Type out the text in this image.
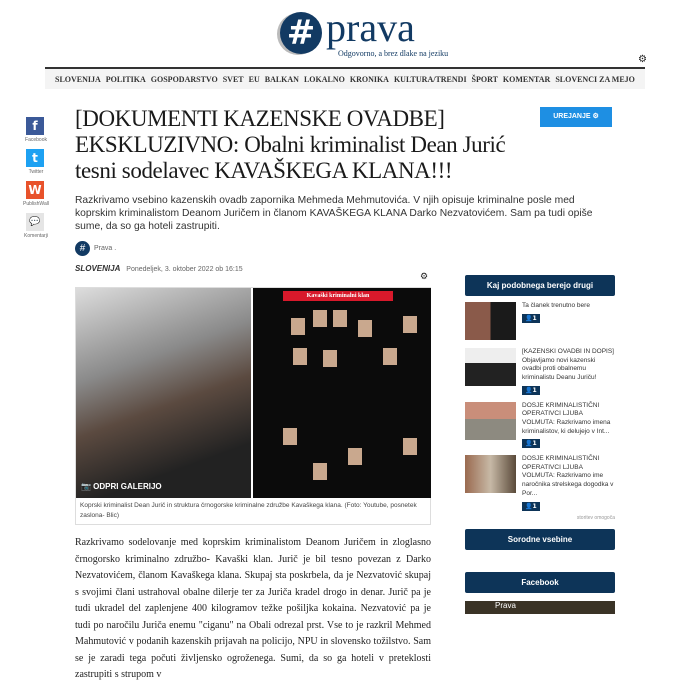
# prava
Odgovorno, a brez dlake na jeziku
SLOVENIJA POLITIKA GOSPODARSTVO SVET EU BALKAN LOKALNO KRONIKA KULTURA/TRENDI ŠPORT KOMENTAR SLOVENCI ZA MEJO
⚙
f
Facebook
t
Twitter
W
PublishWall
💬
Komentarji
[DOKUMENTI KAZENSKE OVADBE] EKSKLUZIVNO: Obalni kriminalist Dean Jurić tesni sodelavec KAVAŠKEGA KLANA!!!

Razkrivamo vsebino kazenskih ovadb zapornika Mehmeda Mehmutovića. V njih opisuje kriminalne posle med koprskim kriminalistom Deanom Juričem in članom KAVAŠKEGA KLANA Darko Nezvatovićem. Sam pa tudi opiše sume, da so ga hoteli zastrupiti.

#	Prava .
SLOVENIJA Ponedeljek, 3. oktober 2022 ob 16:15
UREJANJE ⚙
⚙
Kavaški kriminalni klan
📷 ODPRI GALERIJO
Koprski kriminalist Dean Jurič in struktura črnogorske kriminalne združbe Kavaškega klana. (Foto: Youtube, posnetek zaslona- Blic)

Razkrivamo sodelovanje med koprskim kriminalistom Deanom Juričem in zloglasno črnogorsko kriminalno združbo- Kavaški klan. Jurič je bil tesno povezan z Darko Nezvatovićem, članom Kavaškega klana. Skupaj sta poskrbela, da je Nezvatović skupaj s svojimi člani ustrahoval obalne dilerje ter za Juriča kradel drogo in denar. Jurič pa je tudi ukradel del zaplenjene 400 kilogramov težke pošiljka kokaina. Nezvatović pa je tudi po naročilu Juriča enemu "ciganu" na Obali odrezal prst. Vse to je razkril Mehmed Mahmutović v podanih kazenskih prijavah na policijo, NPU in slovensko tožilstvo. Sam se je zaradi tega počuti življensko ogroženega. Sumi, da so ga hoteli v preteklosti zastrupiti s strupom v

Kaj podobnega berejo drugi
Ta članek trenutno bere
👤1
[KAZENSKI OVADBI IN DOPIS] Objavljamo novi kazenski ovadbi proti obalnemu kriminalistu Deanu Juriču!
👤1
DOSJE KRIMINALISTIČNI OPERATIVCI LJUBA VOLMUTA: Razkrivamo imena kriminalistov, ki delujejo v Int...
👤1
DOSJE KRIMINALISTIČNI OPERATIVCI LJUBA VOLMUTA: Razkrivamo ime naročnika strelskega dogodka v Por...
👤1
storitev omogoča
Sorodne vsebine
Facebook
Prava
